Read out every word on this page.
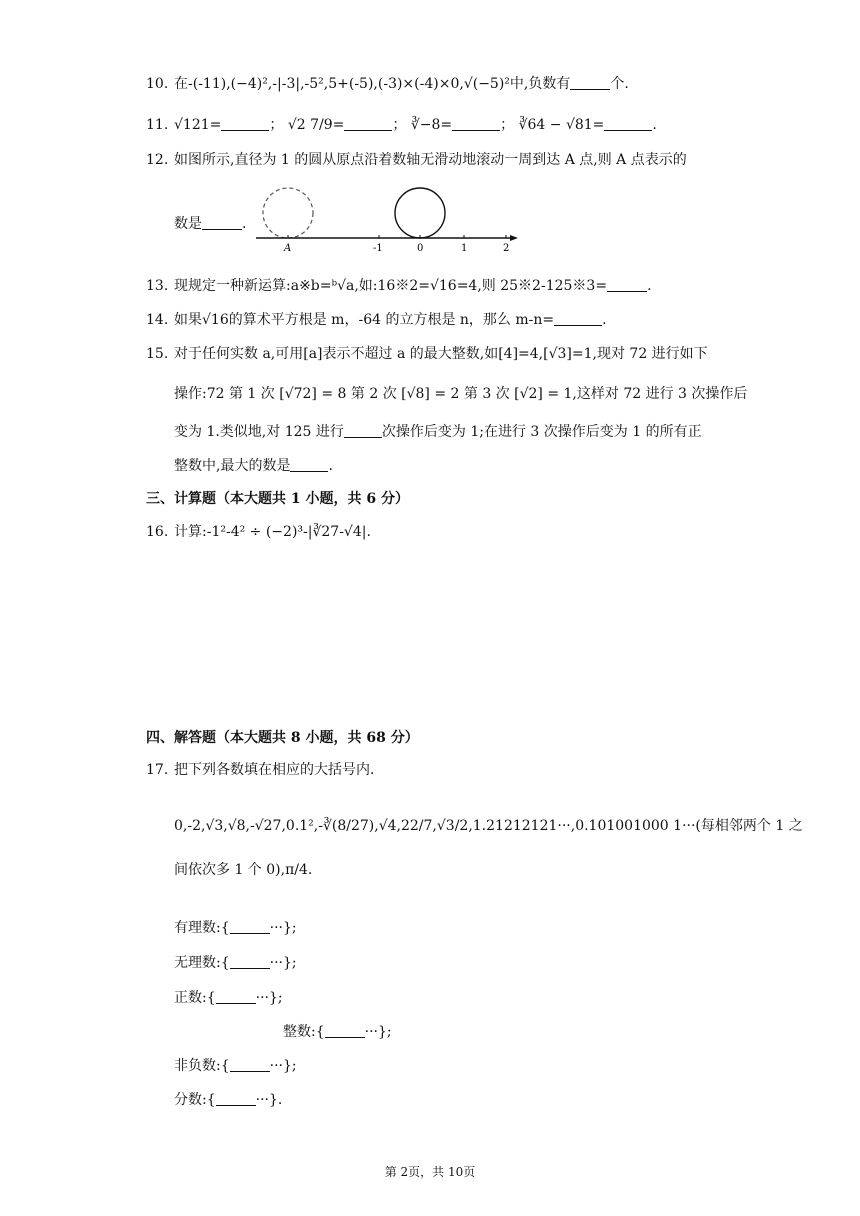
10. 在-(-11),(−4)²,-|-3|,-5²,5+(-5),(-3)×(-4)×0,√(−5)²中,负数有	个.
11. √121=	； √2 7/9=	； ∛−8=	； ∛64 − √81=	.
12. 如图所示,直径为 1 的圆从原点沿着数轴无滑动地滚动一周到达 A 点,则 A 点表示的
数是	.
A	-1	0	1	2
13. 现规定一种新运算:a※b=ᵇ√a,如:16※2=√16=4,则 25※2-125※3=	.
14. 如果√16的算术平方根是 m，-64 的立方根是 n，那么 m-n=	.
15. 对于任何实数 a,可用[a]表示不超过 a 的最大整数,如[4]=4,[√3]=1,现对 72 进行如下
操作:72 第 1 次 [√72] = 8 第 2 次 [√8] = 2 第 3 次 [√2] = 1,这样对 72 进行 3 次操作后
变为 1.类似地,对 125 进行	次操作后变为 1;在进行 3 次操作后变为 1 的所有正
整数中,最大的数是	.
三、计算题（本大题共 1 小题，共 6 分）
16. 计算:-1²-4² ÷ (−2)³-|∛27-√4|.
四、解答题（本大题共 8 小题，共 68 分）
17. 把下列各数填在相应的大括号内.
0,-2,√3,√8,-√27,0.1²,-∛(8/27),√4,22/7,√3/2,1.21212121···,0.101001000 1···(每相邻两个 1 之
间依次多 1 个 0),π/4.
有理数:{	···};
无理数:{	···};
正数:{	···};
整数:{	···};
非负数:{	···};
分数:{	···}.
第 2页，共 10页
